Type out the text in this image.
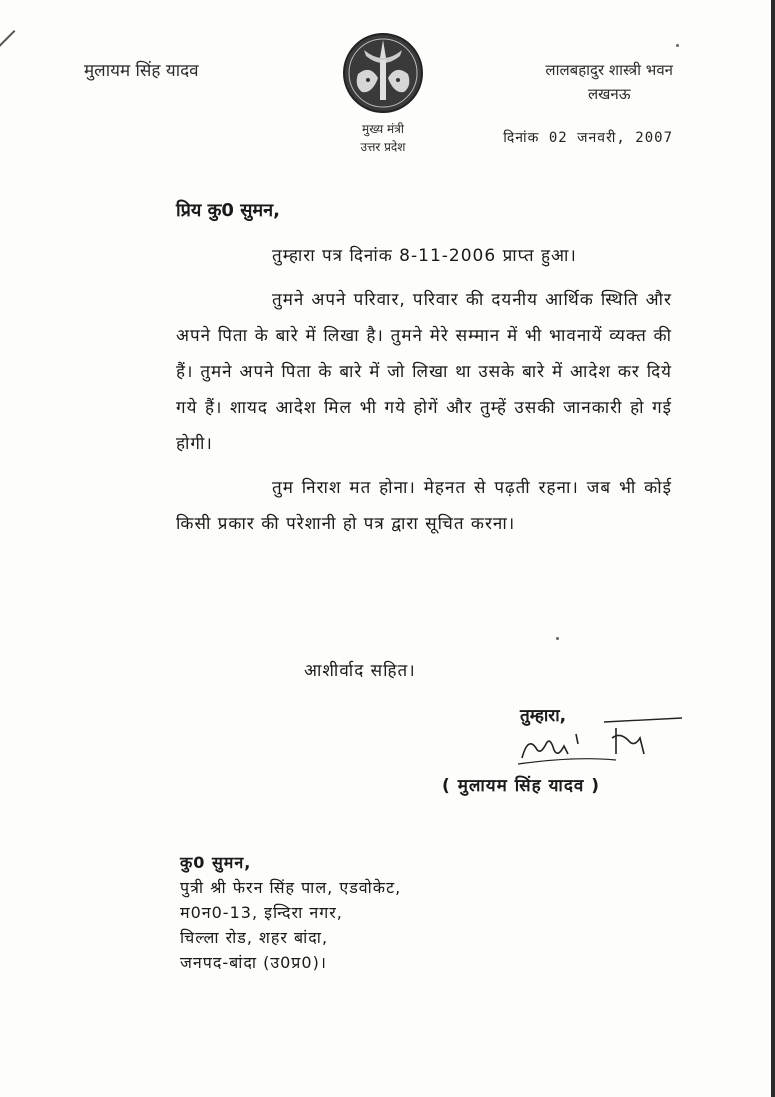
मुलायम सिंह यादव
मुख्य मंत्री
उत्तर प्रदेश
लालबहादुर शास्त्री भवन
लखनऊ
दिनांक 02 जनवरी, 2007
प्रिय कु0 सुमन,

तुम्हारा पत्र दिनांक 8-11-2006 प्राप्त हुआ।

तुमने अपने परिवार, परिवार की दयनीय आर्थिक स्थिति और अपने पिता के बारे में लिखा है। तुमने मेरे सम्मान में भी भावनायें व्यक्त की हैं। तुमने अपने पिता के बारे में जो लिखा था उसके बारे में आदेश कर दिये गये हैं। शायद आदेश मिल भी गये होगें और तुम्हें उसकी जानकारी हो गई होगी।

तुम निराश मत होना। मेहनत से पढ़ती रहना। जब भी कोई किसी प्रकार की परेशानी हो पत्र द्वारा सूचित करना।

आशीर्वाद सहित।
तुम्हारा,
( मुलायम सिंह यादव )
कु0 सुमन,
पुत्री श्री फेरन सिंह पाल, एडवोकेट,
म0न0-13, इन्दिरा नगर,
चिल्ला रोड, शहर बांदा,
जनपद-बांदा (उ0प्र0)।
